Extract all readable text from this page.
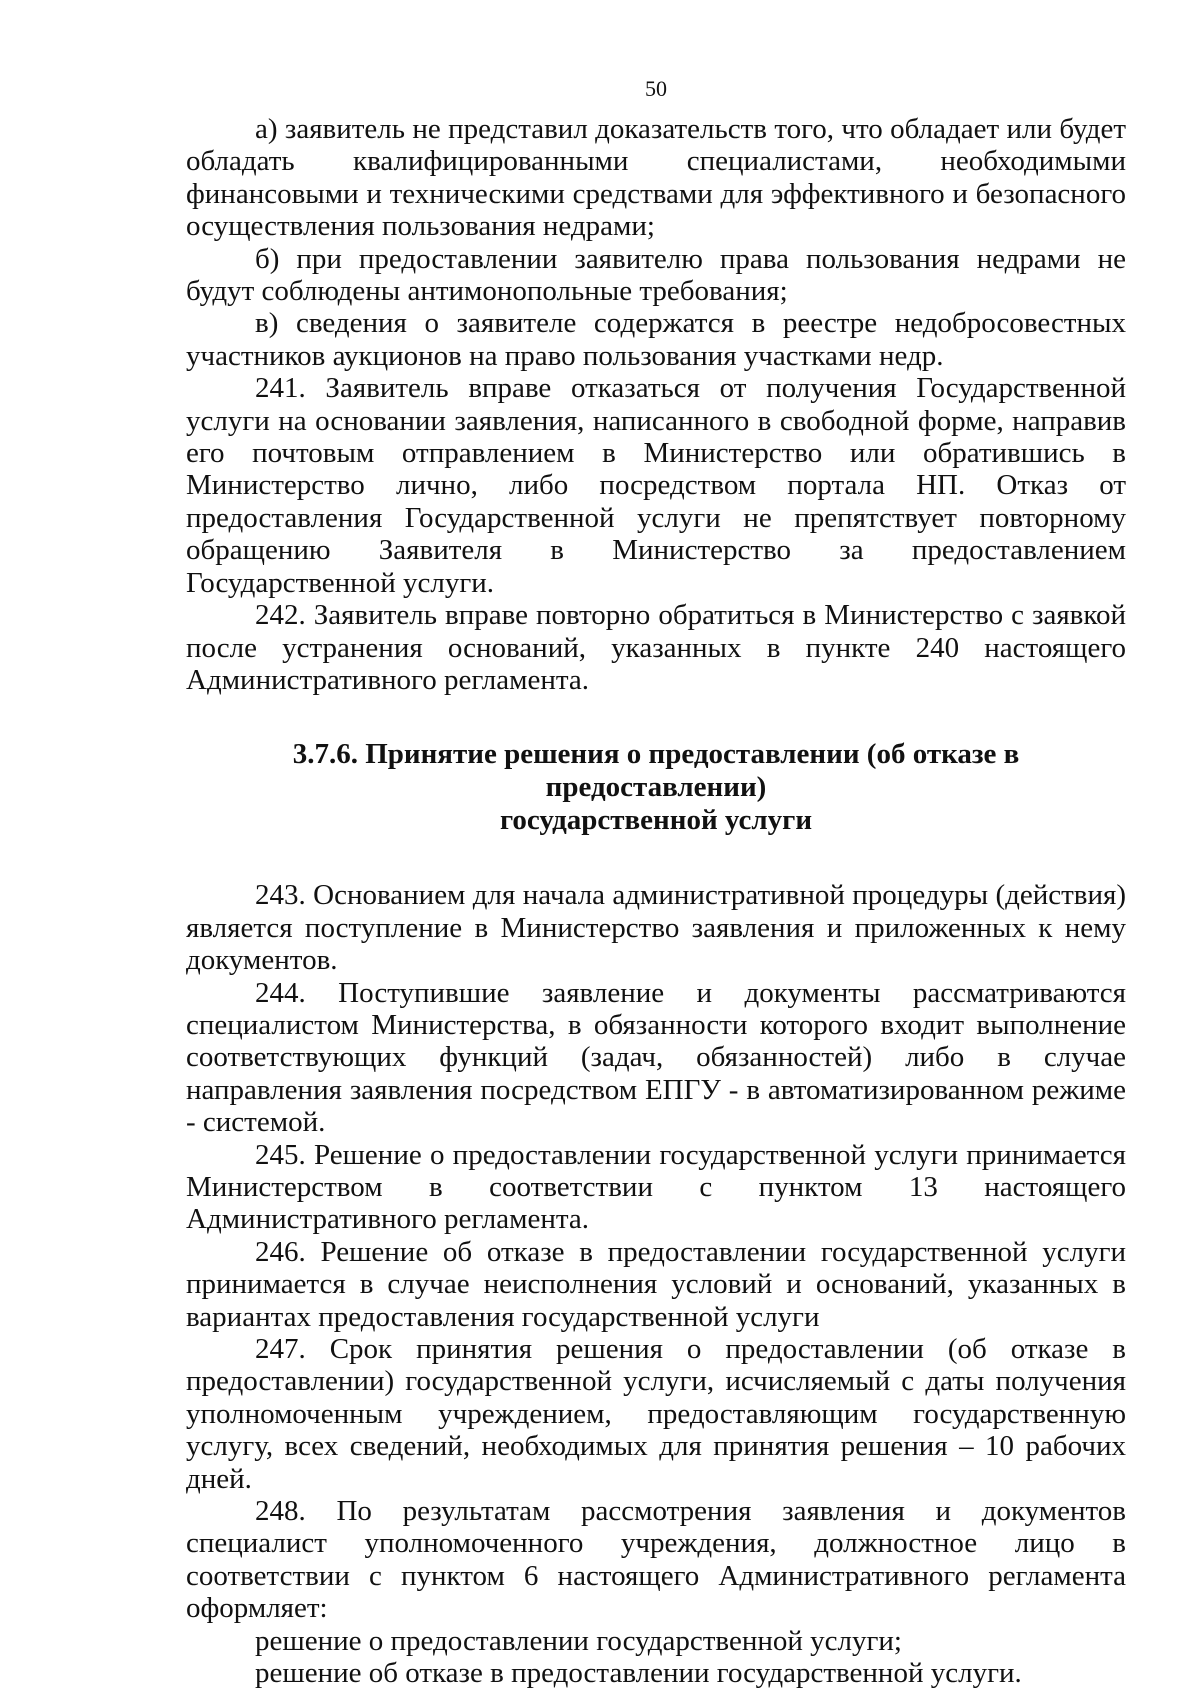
50

а) заявитель не представил доказательств того, что обладает или будет обладать квалифицированными специалистами, необходимыми финансовыми и техническими средствами для эффективного и безопасного осуществления пользования недрами;

б) при предоставлении заявителю права пользования недрами не будут соблюдены антимонопольные требования;

в) сведения о заявителе содержатся в реестре недобросовестных участников аукционов на право пользования участками недр.

241. Заявитель вправе отказаться от получения Государственной услуги на основании заявления, написанного в свободной форме, направив его почтовым отправлением в Министерство или обратившись в Министерство лично, либо посредством портала НП. Отказ от предоставления Государственной услуги не препятствует повторному обращению Заявителя в Министерство за предоставлением Государственной услуги.

242. Заявитель вправе повторно обратиться в Министерство с заявкой после устранения оснований, указанных в пункте 240 настоящего Административного регламента.

3.7.6. Принятие решения о предоставлении (об отказе в предоставлении)
государственной услуги

243. Основанием для начала административной процедуры (действия) является поступление в Министерство заявления и приложенных к нему документов.

244. Поступившие заявление и документы рассматриваются специалистом Министерства, в обязанности которого входит выполнение соответствующих функций (задач, обязанностей) либо в случае направления заявления посредством ЕПГУ - в автоматизированном режиме - системой.

245. Решение о предоставлении государственной услуги принимается Министерством в соответствии с пунктом 13 настоящего Административного регламента.

246. Решение об отказе в предоставлении государственной услуги принимается в случае неисполнения условий и оснований, указанных в вариантах предоставления государственной услуги

247. Срок принятия решения о предоставлении (об отказе в предоставлении) государственной услуги, исчисляемый с даты получения уполномоченным учреждением, предоставляющим государственную услугу, всех сведений, необходимых для принятия решения – 10 рабочих дней.

248. По результатам рассмотрения заявления и документов специалист уполномоченного учреждения, должностное лицо в соответствии с пунктом 6 настоящего Административного регламента оформляет:

решение о предоставлении государственной услуги;

решение об отказе в предоставлении государственной услуги.
